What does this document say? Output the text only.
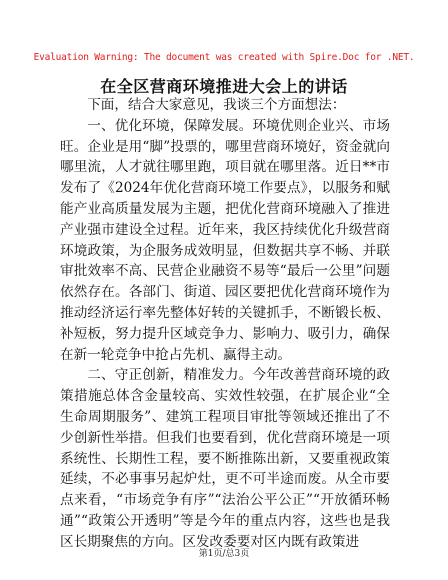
Evaluation Warning: The document was created with Spire.Doc for .NET.
在全区营商环境推进大会上的讲话

下面，结合大家意见，我谈三个方面想法：

一、优化环境，保障发展。环境优则企业兴、市场旺。企业是用“脚”投票的，哪里营商环境好，资金就向哪里流，人才就往哪里跑，项目就在哪里落。近日**市发布了《2024年优化营商环境工作要点》，以服务和赋能产业高质量发展为主题，把优化营商环境融入了推进产业强市建设全过程。近年来，我区持续优化升级营商环境政策，为企服务成效明显，但数据共享不畅、并联审批效率不高、民营企业融资不易等“最后一公里”问题依然存在。各部门、街道、园区要把优化营商环境作为推动经济运行率先整体好转的关键抓手，不断锻长板、补短板，努力提升区域竞争力、影响力、吸引力，确保在新一轮竞争中抢占先机、赢得主动。

二、守正创新，精准发力。今年改善营商环境的政策措施总体含金量较高、实效性较强，在扩展企业“全生命周期服务”、建筑工程项目审批等领域还推出了不少创新性举措。但我们也要看到，优化营商环境是一项系统性、长期性工程，要不断推陈出新，又要重视政策延续，不必事事另起炉灶，更不可半途而废。从全市要点来看，“市场竞争有序”“法治公平公正”“开放循环畅通”“政策公开透明”等是今年的重点内容，这些也是我区长期聚焦的方向。区发改委要对区内既有政策进

第1页/总3页
